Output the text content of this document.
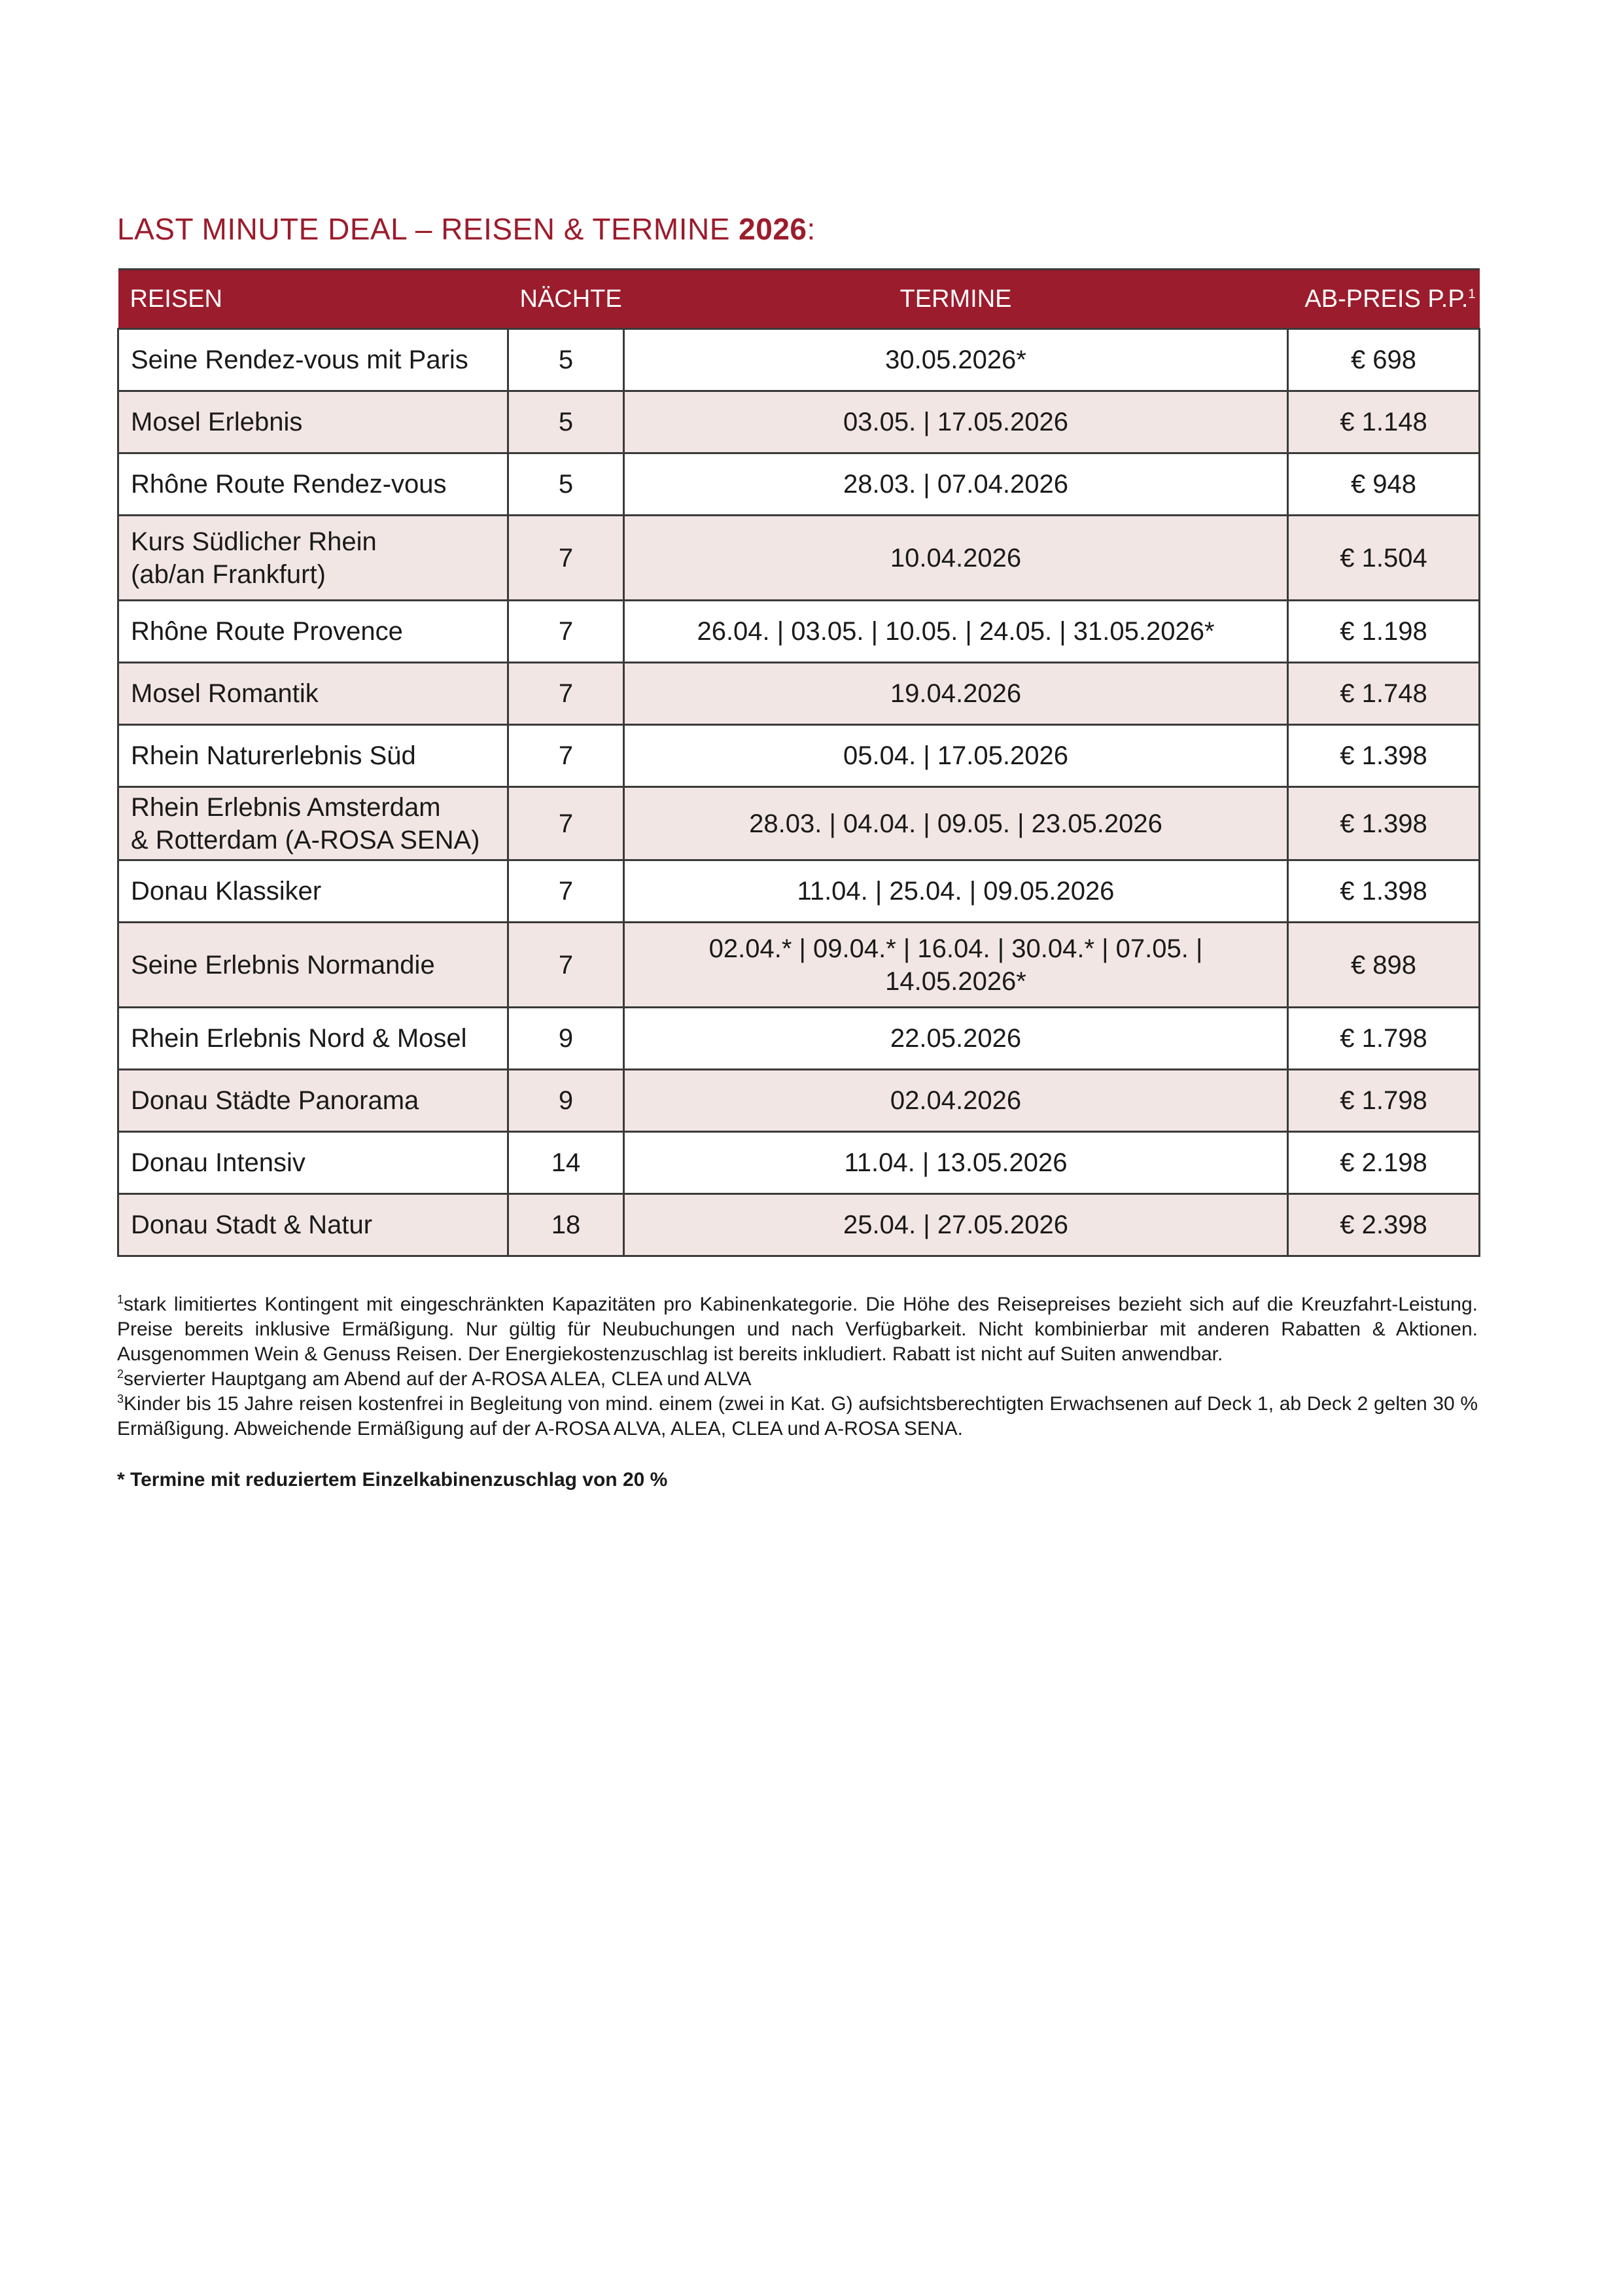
LAST MINUTE DEAL – REISEN & TERMINE 2026:
REISEN	NÄCHTE	TERMINE	AB-PREIS P.P.$^1$
Seine Rendez-vous mit Paris	5	30.05.2026*	€ 698
Mosel Erlebnis	5	03.05. | 17.05.2026	€ 1.148
Rhône Route Rendez-vous	5	28.03. | 07.04.2026	€ 948
Kurs Südlicher Rhein
(ab/an Frankfurt)	7	10.04.2026	€ 1.504
Rhône Route Provence	7	26.04. | 03.05. | 10.05. | 24.05. | 31.05.2026*	€ 1.198
Mosel Romantik	7	19.04.2026	€ 1.748
Rhein Naturerlebnis Süd	7	05.04. | 17.05.2026	€ 1.398
Rhein Erlebnis Amsterdam
& Rotterdam (A-ROSA SENA)	7	28.03. | 04.04. | 09.05. | 23.05.2026	€ 1.398
Donau Klassiker	7	11.04. | 25.04. | 09.05.2026	€ 1.398
Seine Erlebnis Normandie	7	02.04.* | 09.04.* | 16.04. | 30.04.* | 07.05. |
14.05.2026*	€ 898
Rhein Erlebnis Nord & Mosel	9	22.05.2026	€ 1.798
Donau Städte Panorama	9	02.04.2026	€ 1.798
Donau Intensiv	14	11.04. | 13.05.2026	€ 2.198
Donau Stadt & Natur	18	25.04. | 27.05.2026	€ 2.398

$^1$stark limitiertes Kontingent mit eingeschränkten Kapazitäten pro Kabinenkategorie. Die Höhe des Reisepreises bezieht sich auf die Kreuzfahrt-Leistung. Preise bereits inklusive Ermäßigung. Nur gültig für Neubuchungen und nach Verfügbarkeit. Nicht kombinierbar mit anderen Rabatten & Aktionen. Ausgenommen Wein & Genuss Reisen. Der Energiekostenzuschlag ist bereits inkludiert. Rabatt ist nicht auf Suiten anwendbar.

$^2$servierter Hauptgang am Abend auf der A-ROSA ALEA, CLEA und ALVA

$^3$Kinder bis 15 Jahre reisen kostenfrei in Begleitung von mind. einem (zwei in Kat. G) aufsichtsberechtigten Erwachsenen auf Deck 1, ab Deck 2 gelten 30 % Ermäßigung. Abweichende Ermäßigung auf der A-ROSA ALVA, ALEA, CLEA und A-ROSA SENA.

* Termine mit reduziertem Einzelkabinenzuschlag von 20 %
